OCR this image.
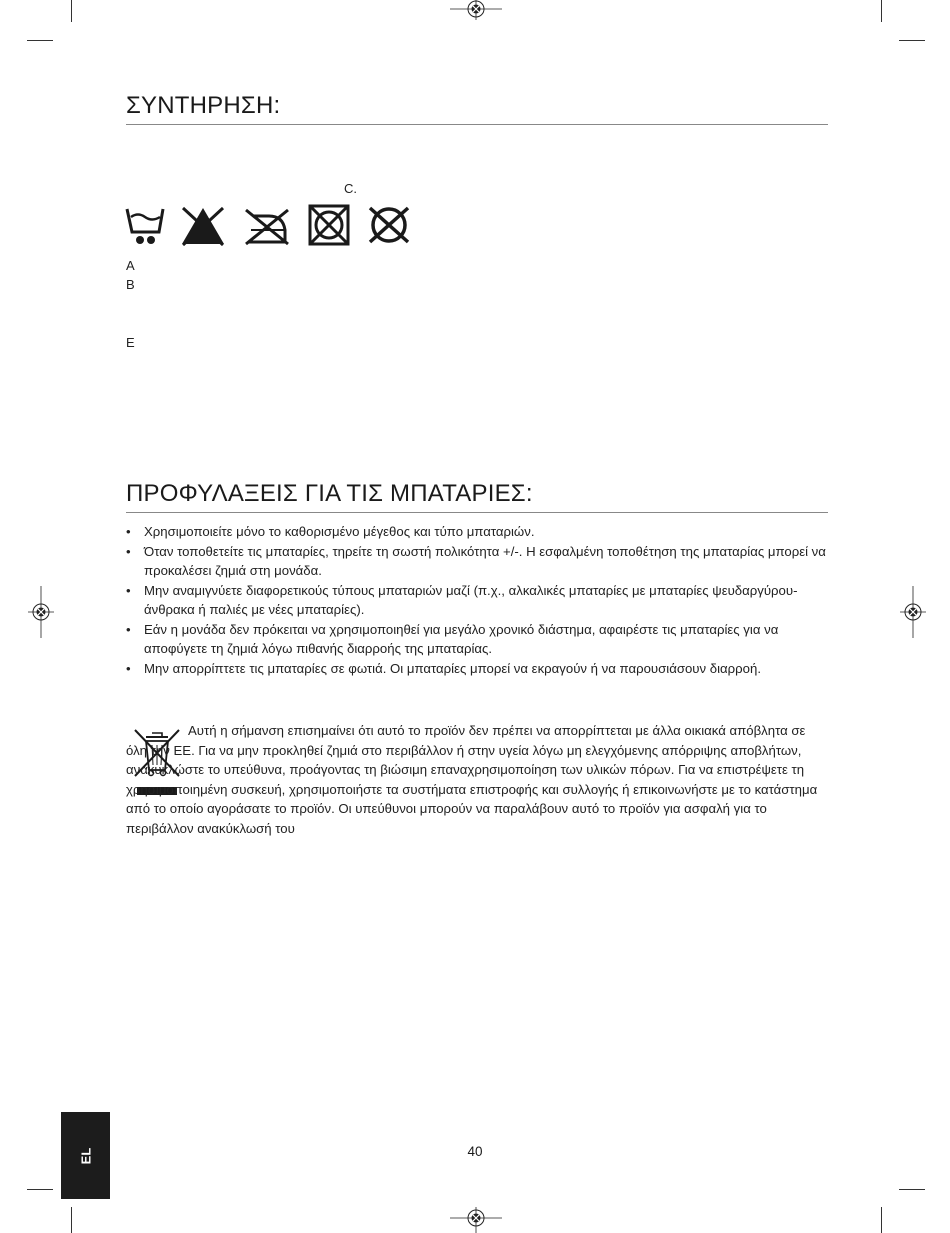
ΣΥΝΤΗΡΗΣΗ:
C.
A
B
E
ΠΡΟΦΥΛΑΞΕΙΣ ΓΙΑ ΤΙΣ ΜΠΑΤΑΡΙΕΣ:
• Χρησιμοποιείτε μόνο το καθορισμένο μέγεθος και τύπο μπαταριών.
• Όταν τοποθετείτε τις μπαταρίες, τηρείτε τη σωστή πολικότητα +/-. Η εσφαλμένη τοποθέτηση της μπαταρίας μπορεί να προκαλέσει ζημιά στη μονάδα.
• Μην αναμιγνύετε διαφορετικούς τύπους μπαταριών μαζί (π.χ., αλκαλικές μπαταρίες με μπαταρίες ψευδαργύρου-άνθρακα ή παλιές με νέες μπαταρίες).
• Εάν η μονάδα δεν πρόκειται να χρησιμοποιηθεί για μεγάλο χρονικό διάστημα, αφαιρέστε τις μπαταρίες για να αποφύγετε τη ζημιά λόγω πιθανής διαρροής της μπαταρίας.
• Μην απορρίπτετε τις μπαταρίες σε φωτιά. Οι μπαταρίες μπορεί να εκραγούν ή να παρουσιάσουν διαρροή.
Αυτή η σήμανση επισημαίνει ότι αυτό το προϊόν δεν πρέπει να απορρίπτεται με άλλα οικιακά απόβλητα σε όλη την ΕΕ. Για να μην προκληθεί ζημιά στο περιβάλλον ή στην υγεία λόγω μη ελεγχόμενης απόρριψης αποβλήτων, ανακυκλώστε το υπεύθυνα, προάγοντας τη βιώσιμη επαναχρησιμοποίηση των υλικών πόρων. Για να επιστρέψετε τη χρησιμοποιημένη συσκευή, χρησιμοποιήστε τα συστήματα επιστροφής και συλλογής ή επικοινωνήστε με το κατάστημα από το οποίο αγοράσατε το προϊόν. Οι υπεύθυνοι μπορούν να παραλάβουν αυτό το προϊόν για ασφαλή για το περιβάλλον ανακύκλωσή του
EL	40
